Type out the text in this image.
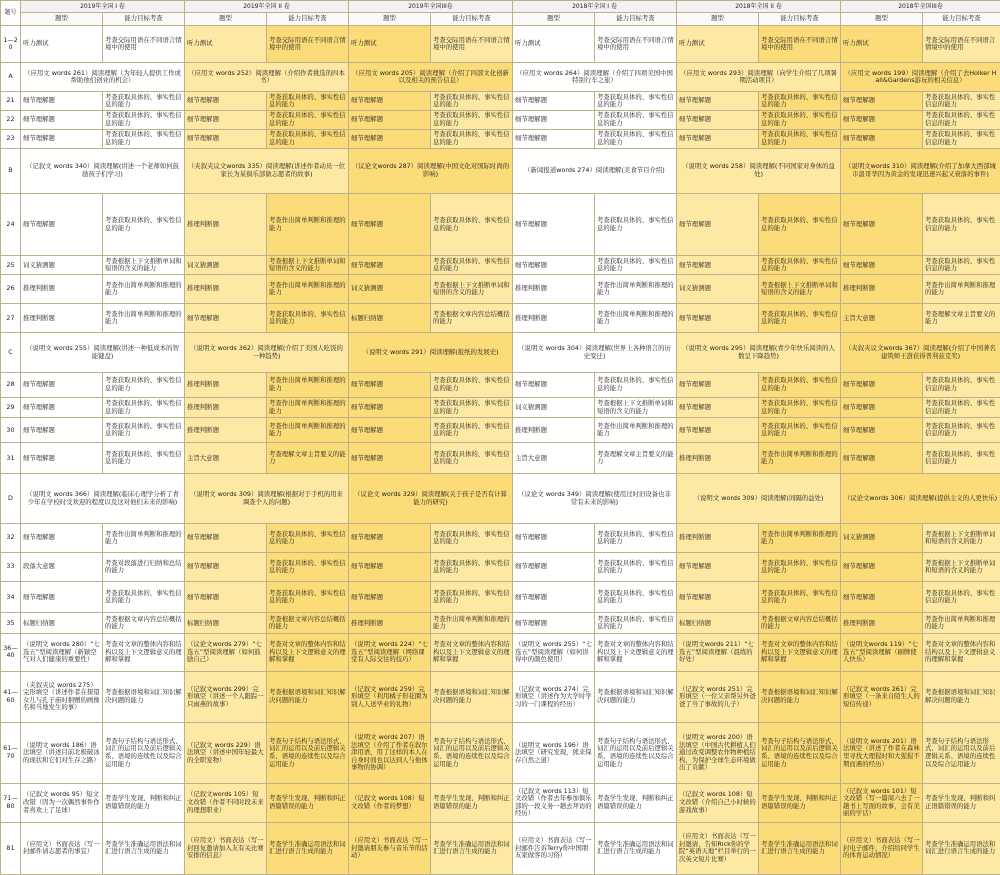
题号	2019年全国 I 卷		2019年全国 II 卷		2019年全国III卷		2018年全国 I 卷		2018年全国 II 卷		2018年全国III卷	
	题型	能力目标考查	题型	能力目标考查	题型	能力目标考查	题型	能力目标考查	题型	能力目标考查	题型	能力目标考查
1—20	听力测试	考查交际用语在不同语言情境中的使用	听力测试	考查交际用语在不同语言情境中的使用	听力测试	考查交际用语在不同语言情境中的使用	听力测试	考查交际用语在不同语言情境中的使用	听力测试	考查交际用语在不同语言情境中的使用	听力测试	考查交际用语在不同语言情境中的使用
A	（应用文 words 261）阅读理解（为年轻人提供工作或帮助他们创业的机会）		（应用文 words 252）阅读理解（介绍作者挑选的四本书）		（应用文 words 205）阅读理解（介绍了四部文化创新以及相关的预告信息）		（应用文 words 264）阅读理解（介绍了四项美国中国特别行车之旅）		（应用文 words 293）阅读理解（向学生介绍了几项暑期活动项目）		（应用文 words 199）阅读理解（介绍了去Holker Hall&Gardens游玩的相关信息）	
21	细节理解题	考查获取具体的、事实性信息的能力	细节理解题	考查获取具体的、事实性信息的能力	细节理解题	考查获取具体的、事实性信息的能力	细节理解题	考查获取具体的、事实性信息的能力	细节理解题	考查获取具体的、事实性信息的能力	细节理解题	考查获取具体的、事实性信息的能力
22	细节理解题	考查获取具体的、事实性信息的能力	细节理解题	考查获取具体的、事实性信息的能力	细节理解题	考查获取具体的、事实性信息的能力	细节理解题	考查获取具体的、事实性信息的能力	细节理解题	考查获取具体的、事实性信息的能力	细节理解题	考查获取具体的、事实性信息的能力
23	细节理解题	考查获取具体的、事实性信息的能力	细节理解题	考查获取具体的、事实性信息的能力	细节理解题	考查获取具体的、事实性信息的能力	细节理解题	考查获取具体的、事实性信息的能力	细节理解题	考查获取具体的、事实性信息的能力	细节理解题	考查获取具体的、事实性信息的能力
B	（记叙文 words 340）阅读理解(讲述一个老师如何鼓励孩子们学习)		（夹叙夹议文words 335）阅读理解(讲述作者动员一位家长为某俱乐部做志愿者的故事)		（议论文words 287）阅读理解(中国文化对国际时尚的影响)		（新闻报道words 274）阅读理解(美食节目介绍)		（说明文 words 258）阅读理解(不同国家对身体的益处)		（说明文words 310）阅读理解(介绍了加拿大西部城市温哥华因为黄金的发现迅速兴起又衰落的事件)	
24	细节理解题	考查获取具体的、事实性信息的能力	推理判断题	考查作出简单判断和推理的能力	细节理解题	考查获取具体的、事实性信息的能力	细节理解题	考查获取具体的、事实性信息的能力	细节理解题	考查获取具体的、事实性信息的能力	细节理解题	考查获取具体的、事实性信息的能力
25	词义猜测题	考查根据上下文推断单词和短语的含义的能力	词义猜测题	考查根据上下文推断单词和短语的含义的能力	细节理解题	考查获取具体的、事实性信息的能力	细节理解题	考查获取具体的、事实性信息的能力	细节理解题	考查获取具体的、事实性信息的能力	细节理解题	考查获取具体的、事实性信息的能力
26	推理判断题	考查作出简单判断和推理的能力	推理判断题	考查作出简单判断和推理的能力	词义猜测题	考查根据上下文推断单词和短语的含义的能力	推理判断题	考查作出简单判断和推理的能力	词义猜测题	考查根据上下文推断单词和短语的含义的能力	推理判断题	考查作出简单判断和推理的能力
27	推理判断题	考查作出简单判断和推理的能力	细节理解题	考查获取具体的、事实性信息的能力	标题归纳题	考查根据文章内容总结概括的能力	推理判断题	考查作出简单判断和推理的能力	细节理解题	考查获取具体的、事实性信息的能力	主旨大意题	考查理解文章主旨要义的能力
C	（说明文 words 255）阅读理解(讲述一种低成本的智能键盘)		（说明文 words 362）阅读理解(介绍了美国人吃饭的一种趋势)		（说明文 words 291）阅读理解(报纸的发展史)		（说明文 words 304）阅读理解(世界上各种语言的历史变迁)		（说明文 words 295）阅读理解(青少年快乐阅读的人数呈下降趋势)		（夹叙夹议文words 367）阅读理解(介绍了中国著名建筑师王澍获得普利兹克奖)	
28	细节理解题	考查获取具体的、事实性信息的能力	推理判断题	考查作出简单判断和推理的能力	细节理解题	考查获取具体的、事实性信息的能力	细节理解题	考查获取具体的、事实性信息的能力	细节理解题	考查获取具体的、事实性信息的能力	细节理解题	考查获取具体的、事实性信息的能力
29	细节理解题	考查获取具体的、事实性信息的能力	推理判断题	考查作出简单判断和推理的能力	细节理解题	考查获取具体的、事实性信息的能力	词义猜测题	考查根据上下文推断单词和短语的含义的能力	细节理解题	考查获取具体的、事实性信息的能力	细节理解题	考查获取具体的、事实性信息的能力
30	细节理解题	考查获取具体的、事实性信息的能力	推理判断题	考查作出简单判断和推理的能力	细节理解题	考查获取具体的、事实性信息的能力	推理判断题	考查作出简单判断和推理的能力	细节理解题	考查获取具体的、事实性信息的能力	细节理解题	考查获取具体的、事实性信息的能力
31	细节理解题	考查获取具体的、事实性信息的能力	主旨大意题	考查理解文章主旨要义的能力	细节理解题	考查获取具体的、事实性信息的能力	主旨大意题	考查理解文章主旨要义的能力	推理判断题	考查作出简单判断和推理的能力	细节理解题	考查获取具体的、事实性信息的能力
D	（说明文 words 366）阅读理解(临床心理学分析了青少年在学校时受欢迎的程度以及这对他们未来的影响)		（说明文 words 309）阅读理解(根据对于手机的用来调查个人的问题)		（议论文 words 329）阅读理解(关于孩子是否有计算能力的研究)		（议论文 words 349）阅读理解(使用过时旧设备也非常有未来的影响)		（说明文 words 309）阅读理解(间隔的益处)		（议论文words 306）阅读理解(提倡主义的人更快乐)	
32	细节理解题	考查作出简单判断和推理的能力	细节理解题	考查获取具体的、事实性信息的能力	细节理解题	考查获取具体的、事实性信息的能力	细节理解题	考查获取具体的、事实性信息的能力	推理判断题	考查作出简单判断和推理的能力	词义猜测题	考查根据上下文推断单词和短语的含义的能力
33	段落大意题	考查对段落进行归纳和总结的能力	细节理解题	考查获取具体的、事实性信息的能力	细节理解题	考查获取具体的、事实性信息的能力	细节理解题	考查获取具体的、事实性信息的能力	细节理解题	考查获取具体的、事实性信息的能力	细节理解题	考查根据上下文推断单词和短语的含义的能力
34	细节理解题	考查获取具体的、事实性信息的能力	细节理解题	考查获取具体的、事实性信息的能力	细节理解题	考查获取具体的、事实性信息的能力	细节理解题	考查获取具体的、事实性信息的能力	细节理解题	考查获取具体的、事实性信息的能力	细节理解题	考查获取具体的、事实性信息的能力
35	标题归纳题	考查根据文章内容总结概括的能力	标题归纳题	考查根据文章内容总结概括的能力	推理判断题	考查作出简单判断和推理的能力	细节理解题	考查获取具体的、事实性信息的能力	标题归纳题	考查根据文章内容总结概括的能力	推理判断题	考查作出简单判断和推理的能力
36—40	（说明文 words 280）“七选五”型阅读理解（新颖空气对人们健康的重要性）	考查对文章的整体内容和结构以及上下文逻辑意义的理解和掌握	（议论文words 279）“七选五”型阅读理解（如何鼓励自己）	考查对文章的整体内容和结构以及上下文逻辑意义的理解和掌握	（说明文 words 224）“七选五”型阅读理解（网络课堂有人际交往的技巧）	考查对文章的整体内容和结构以及上下文逻辑意义的理解和掌握	（说明文 words 255）“七选五”型阅读理解（如何讲得中的颜色使用）	考查对文章的整体内容和结构以及上下文逻辑意义的理解和掌握	（说明文words 211）“七选五”型阅读理解（晨练的好处）	考查对文章的整体内容和结构以及上下文逻辑意义的理解和掌握	（说明文words 119）“七选五”型阅读理解（刷牌使人快乐）	考查对文章的整体内容和结构以及上下文逻辑意义的理解和掌握
41—60	（夹叙夹议 words 275）完形填空（讲述作者在探望女儿与孔子庙时捐赠的画像名和当地发生的事）	考查根据语境和词汇知识解决问题的能力	（记叙文words 299）完形填空（讲述一个人跟踪一只雨燕的故事）	考查根据语境和词汇知识解决问题的能力	（记叙文 words 259）完形填空（利用橘子形花圈为别人人送毕业的礼物）	考查根据语境和词汇知识解决问题的能力	（记叙文 words 274）完形填空（讲述作为大学时学习的一门课程的经历）	考查根据语境和词汇知识解决问题的能力	（记叙文 words 251）完形填空（一位父亲帮另外爸爸了当了事故的儿子）	考查根据语境和词汇知识解决问题的能力	（记叙文 words 261）完形填空（一条来自陌生人的短信传递）	考查根据语境和词汇知识解决问题的能力
61—70	（说明文 words 186）语法填空（讲述目前北极破冰的现状和它们对生存之路）	考查句子结构与语法形式、词汇的运用以及前后逻辑关系、语境的连续性以及综合运用能力	（记叙文 words 229）语法填空（讲述中国年轻最大的全职宠物）	考查句子结构与语法形式、词汇的运用以及前后逻辑关系、语境的连续性以及综合运用能力	（说明文 words 207）语法填空（介绍了作者在叙尔津用语、用了这样的本人在自身时间也以达到人与他体事物的协调）	考查句子结构与语法形式、词汇的运用以及前后逻辑关系、语境的连续性以及综合运用能力	（说明文 words 196）语法填空（研究发现，熊来保存自然之道）	考查句子结构与语法形式、词汇的运用以及前后逻辑关系、语境的连续性以及综合运用能力	（说明文 words 200）语法填空（中国古代耕植人们通过改变调整农作物种植结构，为保护全球生态环境做出了贡献）	考查句子结构与语法形式、词汇的运用以及前后逻辑关系、语境的连续性以及综合运用能力	（说明文 words 201）语法填空（讲述了作者在森林里寻找大理猩时和大猩猩不期而遇的经历）	考查句子结构与语法形式、词汇的运用以及前后逻辑关系、语境的连续性以及综合运用能力
71—80	（记叙文 words 95）短文改错（因为一次偶然事件作者喜欢上了足球）	考查学生发现、判断和纠正语篇错误的能力	（记叙文words 105）短文改错（作者不同时段未来的理想职业）	考查学生发现、判断和纠正语篇错误的能力	（记叙文 words 108）短文改错（作者的梦想）	考查学生发现、判断和纠正语篇错误的能力	（记叙文 words 113）短文改错（作者去年参加俱乐部的一段义务一趟去拜访的经历）	考查学生发现、判断和纠正语篇错误的能力	（记叙文 words 108）短文改错（介绍自己小时候的游戏故事）	考查学生发现、判断和纠正语篇错误的能力	（记叙文 words 101）短文改错（写一篇周六去了一趟书上写面的故事，会有美丽的学话）	考查学生发现、判断和纠正语篇错误的能力
81	（应用文）书面表达（写一封邮件请志愿者的事宜）	考查学生准确运用语法和词汇进行语言生成的能力	（应用文）书面表达（写一封回复邀请加入友有关比赛安排的信息）	考查学生准确运用语法和词汇进行语言生成的能力	（应用文）书面表达（写一封邀请朋友参与音乐节的活动）	考查学生准确运用语法和词汇进行语言生成的能力	（应用文）书面表达（写一封邮件告诉Terry你中国朋友家做客的习俗）	考查学生准确运用语法和词汇进行语言生成的能力	（应用文）书面表达（写一封邀请，告知Rick你的学院“英语天地”栏目举行的一次英文短片比赛）	考查学生准确运用语法和词汇进行语言生成的能力	（应用文）书面表达（写一封电子邮件，介绍给同学生的体育运动情况）	考查学生准确运用语法和词汇进行语言生成的能力
